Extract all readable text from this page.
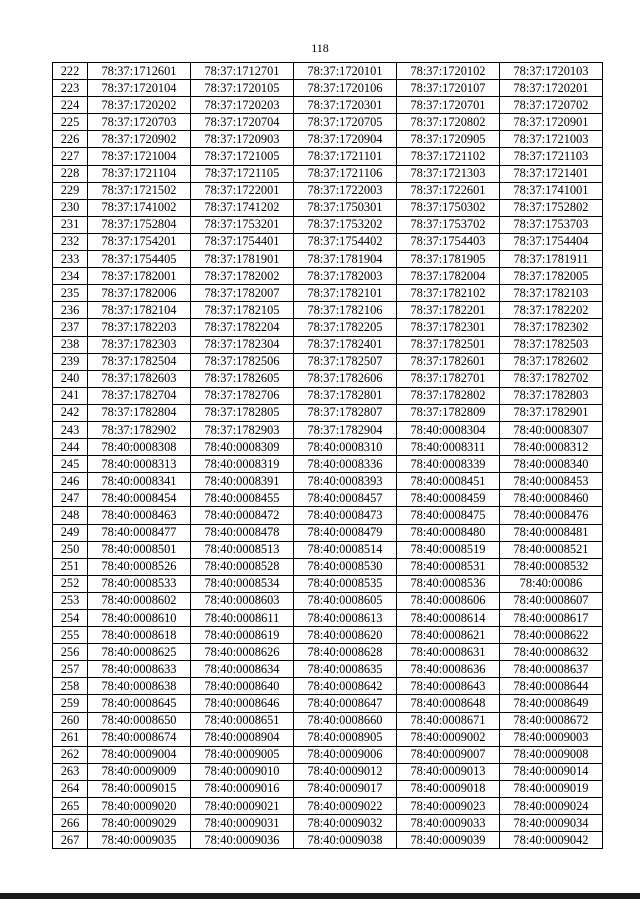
118
222	78:37:1712601	78:37:1712701	78:37:1720101	78:37:1720102	78:37:1720103
223	78:37:1720104	78:37:1720105	78:37:1720106	78:37:1720107	78:37:1720201
224	78:37:1720202	78:37:1720203	78:37:1720301	78:37:1720701	78:37:1720702
225	78:37:1720703	78:37:1720704	78:37:1720705	78:37:1720802	78:37:1720901
226	78:37:1720902	78:37:1720903	78:37:1720904	78:37:1720905	78:37:1721003
227	78:37:1721004	78:37:1721005	78:37:1721101	78:37:1721102	78:37:1721103
228	78:37:1721104	78:37:1721105	78:37:1721106	78:37:1721303	78:37:1721401
229	78:37:1721502	78:37:1722001	78:37:1722003	78:37:1722601	78:37:1741001
230	78:37:1741002	78:37:1741202	78:37:1750301	78:37:1750302	78:37:1752802
231	78:37:1752804	78:37:1753201	78:37:1753202	78:37:1753702	78:37:1753703
232	78:37:1754201	78:37:1754401	78:37:1754402	78:37:1754403	78:37:1754404
233	78:37:1754405	78:37:1781901	78:37:1781904	78:37:1781905	78:37:1781911
234	78:37:1782001	78:37:1782002	78:37:1782003	78:37:1782004	78:37:1782005
235	78:37:1782006	78:37:1782007	78:37:1782101	78:37:1782102	78:37:1782103
236	78:37:1782104	78:37:1782105	78:37:1782106	78:37:1782201	78:37:1782202
237	78:37:1782203	78:37:1782204	78:37:1782205	78:37:1782301	78:37:1782302
238	78:37:1782303	78:37:1782304	78:37:1782401	78:37:1782501	78:37:1782503
239	78:37:1782504	78:37:1782506	78:37:1782507	78:37:1782601	78:37:1782602
240	78:37:1782603	78:37:1782605	78:37:1782606	78:37:1782701	78:37:1782702
241	78:37:1782704	78:37:1782706	78:37:1782801	78:37:1782802	78:37:1782803
242	78:37:1782804	78:37:1782805	78:37:1782807	78:37:1782809	78:37:1782901
243	78:37:1782902	78:37:1782903	78:37:1782904	78:40:0008304	78:40:0008307
244	78:40:0008308	78:40:0008309	78:40:0008310	78:40:0008311	78:40:0008312
245	78:40:0008313	78:40:0008319	78:40:0008336	78:40:0008339	78:40:0008340
246	78:40:0008341	78:40:0008391	78:40:0008393	78:40:0008451	78:40:0008453
247	78:40:0008454	78:40:0008455	78:40:0008457	78:40:0008459	78:40:0008460
248	78:40:0008463	78:40:0008472	78:40:0008473	78:40:0008475	78:40:0008476
249	78:40:0008477	78:40:0008478	78:40:0008479	78:40:0008480	78:40:0008481
250	78:40:0008501	78:40:0008513	78:40:0008514	78:40:0008519	78:40:0008521
251	78:40:0008526	78:40:0008528	78:40:0008530	78:40:0008531	78:40:0008532
252	78:40:0008533	78:40:0008534	78:40:0008535	78:40:0008536	78:40:00086
253	78:40:0008602	78:40:0008603	78:40:0008605	78:40:0008606	78:40:0008607
254	78:40:0008610	78:40:0008611	78:40:0008613	78:40:0008614	78:40:0008617
255	78:40:0008618	78:40:0008619	78:40:0008620	78:40:0008621	78:40:0008622
256	78:40:0008625	78:40:0008626	78:40:0008628	78:40:0008631	78:40:0008632
257	78:40:0008633	78:40:0008634	78:40:0008635	78:40:0008636	78:40:0008637
258	78:40:0008638	78:40:0008640	78:40:0008642	78:40:0008643	78:40:0008644
259	78:40:0008645	78:40:0008646	78:40:0008647	78:40:0008648	78:40:0008649
260	78:40:0008650	78:40:0008651	78:40:0008660	78:40:0008671	78:40:0008672
261	78:40:0008674	78:40:0008904	78:40:0008905	78:40:0009002	78:40:0009003
262	78:40:0009004	78:40:0009005	78:40:0009006	78:40:0009007	78:40:0009008
263	78:40:0009009	78:40:0009010	78:40:0009012	78:40:0009013	78:40:0009014
264	78:40:0009015	78:40:0009016	78:40:0009017	78:40:0009018	78:40:0009019
265	78:40:0009020	78:40:0009021	78:40:0009022	78:40:0009023	78:40:0009024
266	78:40:0009029	78:40:0009031	78:40:0009032	78:40:0009033	78:40:0009034
267	78:40:0009035	78:40:0009036	78:40:0009038	78:40:0009039	78:40:0009042
